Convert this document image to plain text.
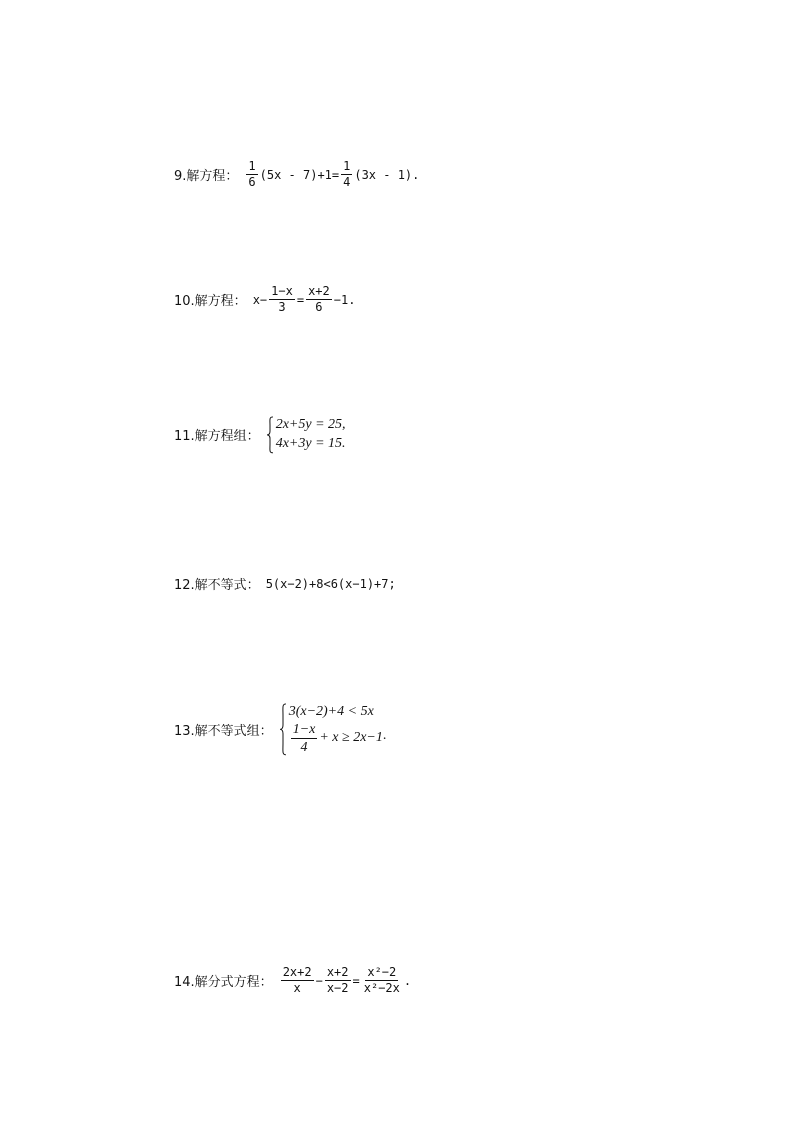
9.解方程： $\frac{1}{6} (5x - 7)+1= \frac{1}{4} (3x - 1)$.
10.解方程： $x- \frac{1-x}{3} = \frac{x+2}{6} -1$.
11.解方程组：
2x+5y = 25,
4x+3y = 15.
12.解不等式： 5(x−2)+8<6(x−1)+7;
13.解不等式组：
3(x−2)+4 < 5x
$\frac{1-x}{4} + x \ge 2x-1$ .
14.解分式方程： $\frac{2x+2}{x} - \frac{x+2}{x-2} = \frac{\text{x²−2}}{\text{x²−2x}}$ .
